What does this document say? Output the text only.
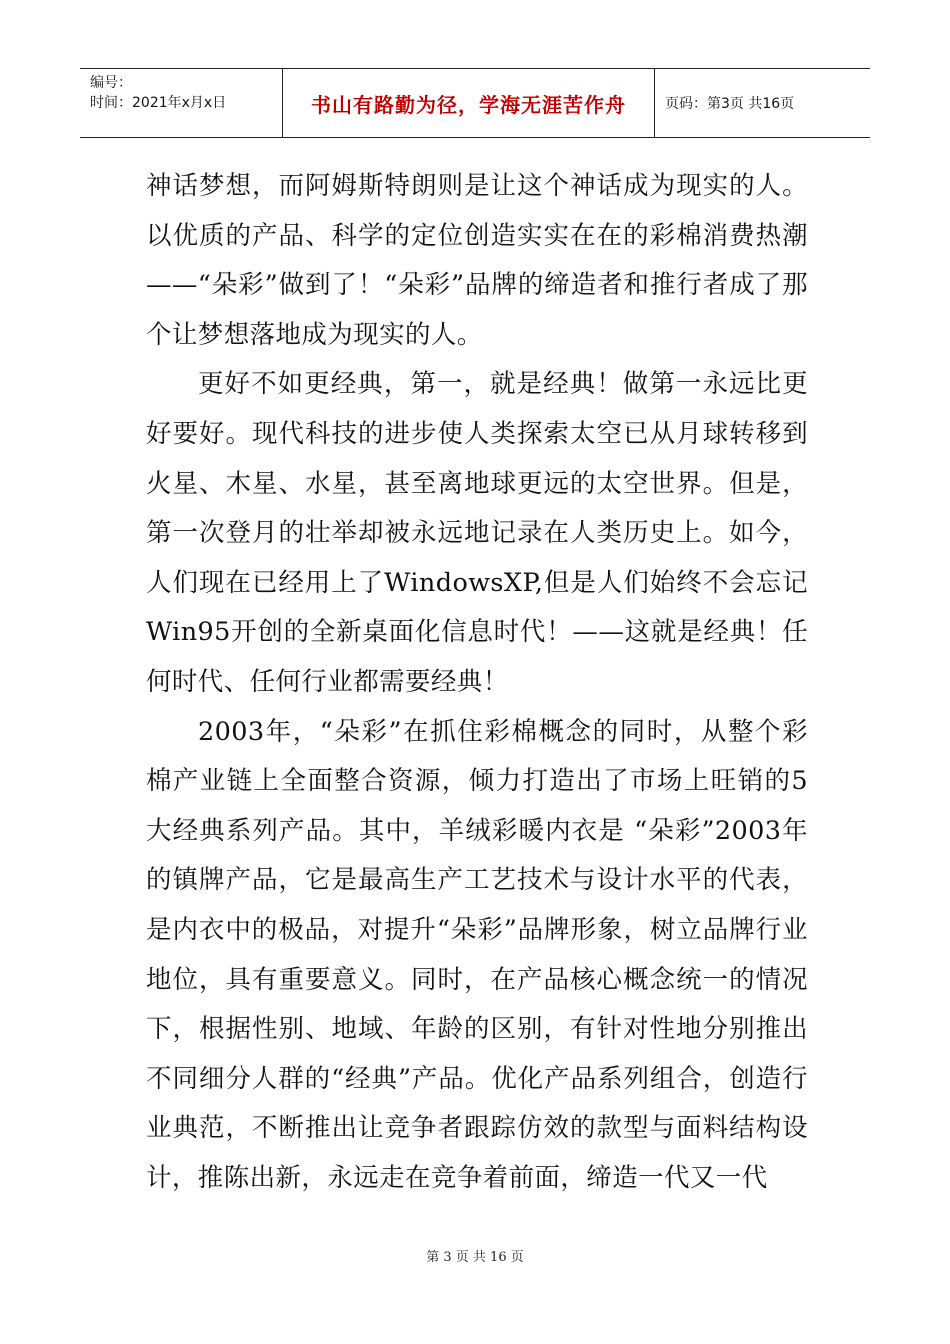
编号：
时间：2021年x月x日	书山有路勤为径，学海无涯苦作舟	页码：第3页 共16页

神话梦想，而阿姆斯特朗则是让这个神话成为现实的人。以优质的产品、科学的定位创造实实在在的彩棉消费热潮——“朵彩”做到了！“朵彩”品牌的缔造者和推行者成了那个让梦想落地成为现实的人。

更好不如更经典，第一，就是经典！做第一永远比更好要好。现代科技的进步使人类探索太空已从月球转移到火星、木星、水星，甚至离地球更远的太空世界。但是，第一次登月的壮举却被永远地记录在人类历史上。如今，人们现在已经用上了WindowsXP,但是人们始终不会忘记Win95开创的全新桌面化信息时代！——这就是经典！任何时代、任何行业都需要经典！

2003年，“朵彩”在抓住彩棉概念的同时，从整个彩棉产业链上全面整合资源，倾力打造出了市场上旺销的5大经典系列产品。其中，羊绒彩暖内衣是 “朵彩”2003年的镇牌产品，它是最高生产工艺技术与设计水平的代表，是内衣中的极品，对提升“朵彩”品牌形象，树立品牌行业地位，具有重要意义。同时，在产品核心概念统一的情况下，根据性别、地域、年龄的区别，有针对性地分别推出不同细分人群的“经典”产品。优化产品系列组合，创造行业典范，不断推出让竞争者跟踪仿效的款型与面料结构设计，推陈出新，永远走在竞争着前面，缔造一代又一代

第 3 页 共 16 页
